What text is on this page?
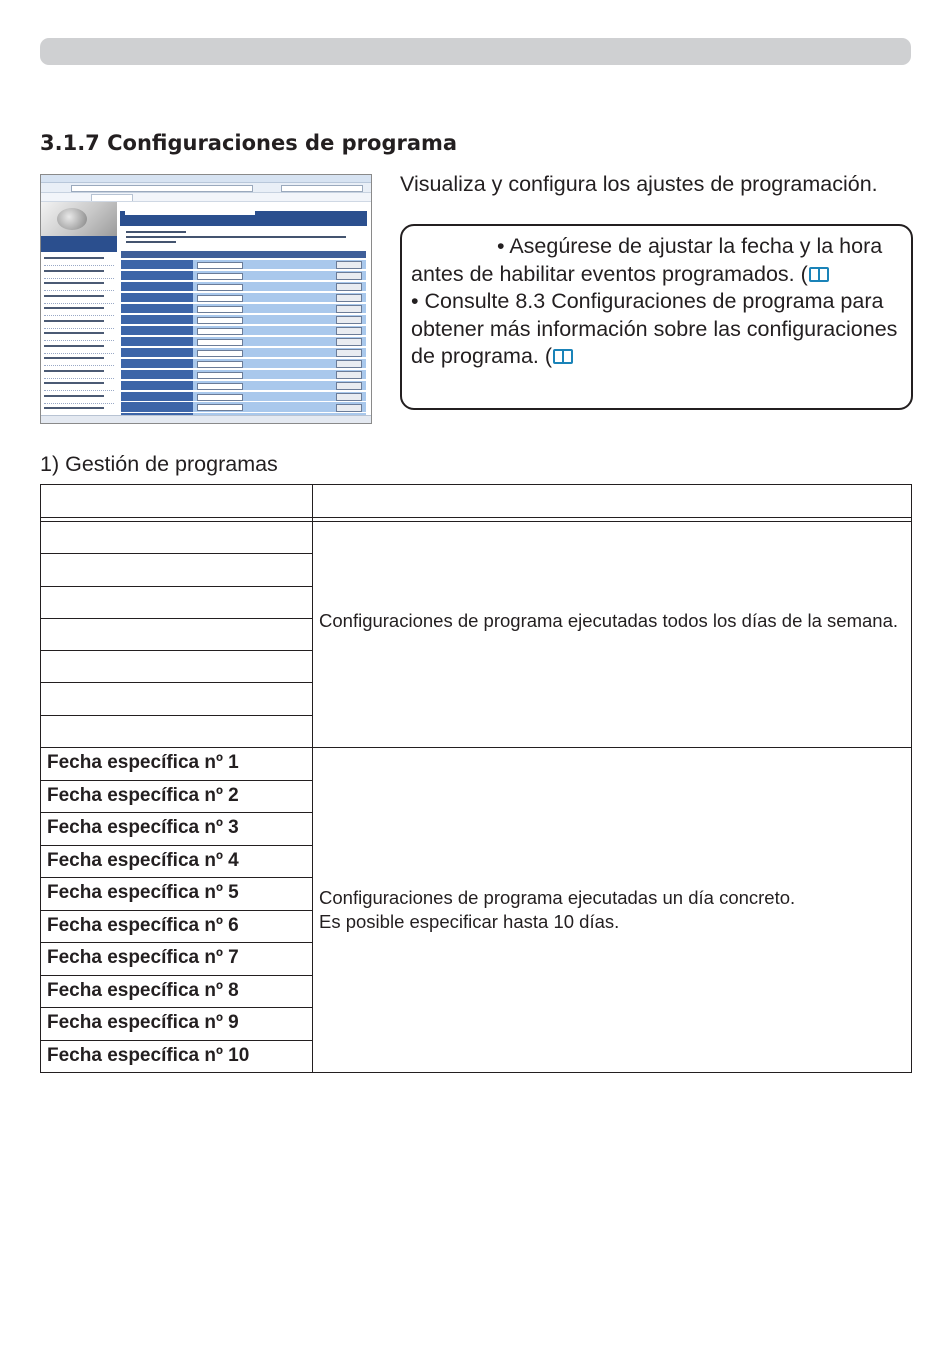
3.1.7 Configuraciones de programa
Visualiza y configura los ajustes de programación.

• Asegúrese de ajustar la fecha y la hora antes de habilitar eventos programados. (

• Consulte 8.3 Configuraciones de programa para obtener más información sobre las configuraciones de programa. (

1) Gestión de programas
Fecha específica nº 1
Fecha específica nº 2
Fecha específica nº 3
Fecha específica nº 4
Fecha específica nº 5
Fecha específica nº 6
Fecha específica nº 7
Fecha específica nº 8
Fecha específica nº 9
Fecha específica nº 10
Configuraciones de programa ejecutadas todos los días de la semana.
Configuraciones de programa ejecutadas un día concreto.
Es posible especificar hasta 10 días.
